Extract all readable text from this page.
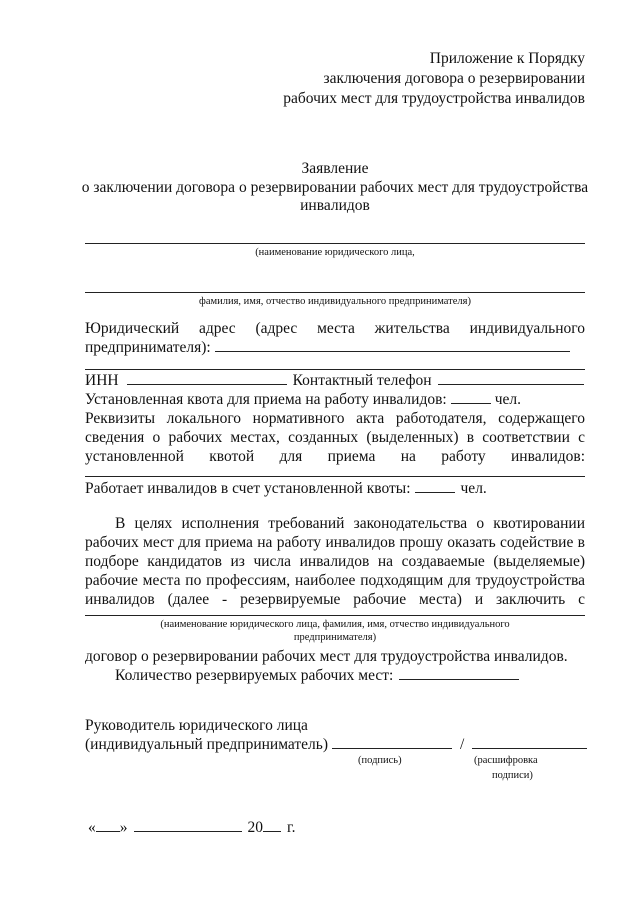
Приложение к Порядку
заключения договора о резервировании
рабочих мест для трудоустройства инвалидов
Заявление
о заключении договора о резервировании рабочих мест для трудоустройства
инвалидов
(наименование юридического лица,
фамилия, имя, отчество индивидуального предпринимателя)
Юридический адрес (адрес места жительства индивидуального
предпринимателя):
ИНН	Контактный телефон
Установленная квота для приема на работу инвалидов:	чел.
Реквизиты локального нормативного акта работодателя, содержащего
сведения о рабочих местах, созданных (выделенных) в соответствии с
установленной квотой для приема на работу инвалидов:
Работает инвалидов в счет установленной квоты:	чел.
В целях исполнения требований законодательства о квотировании
рабочих мест для приема на работу инвалидов прошу оказать содействие в
подборе кандидатов из числа инвалидов на создаваемые (выделяемые)
рабочие места по профессиям, наиболее подходящим для трудоустройства
инвалидов (далее - резервируемые рабочие места) и заключить с
(наименование юридического лица, фамилия, имя, отчество индивидуального
предпринимателя)
договор о резервировании рабочих мест для трудоустройства инвалидов.
Количество резервируемых рабочих мест:
Руководитель юридического лица
(индивидуальный предприниматель)	/
(подпись)	(расшифровка
подписи)
« »	20 г.
